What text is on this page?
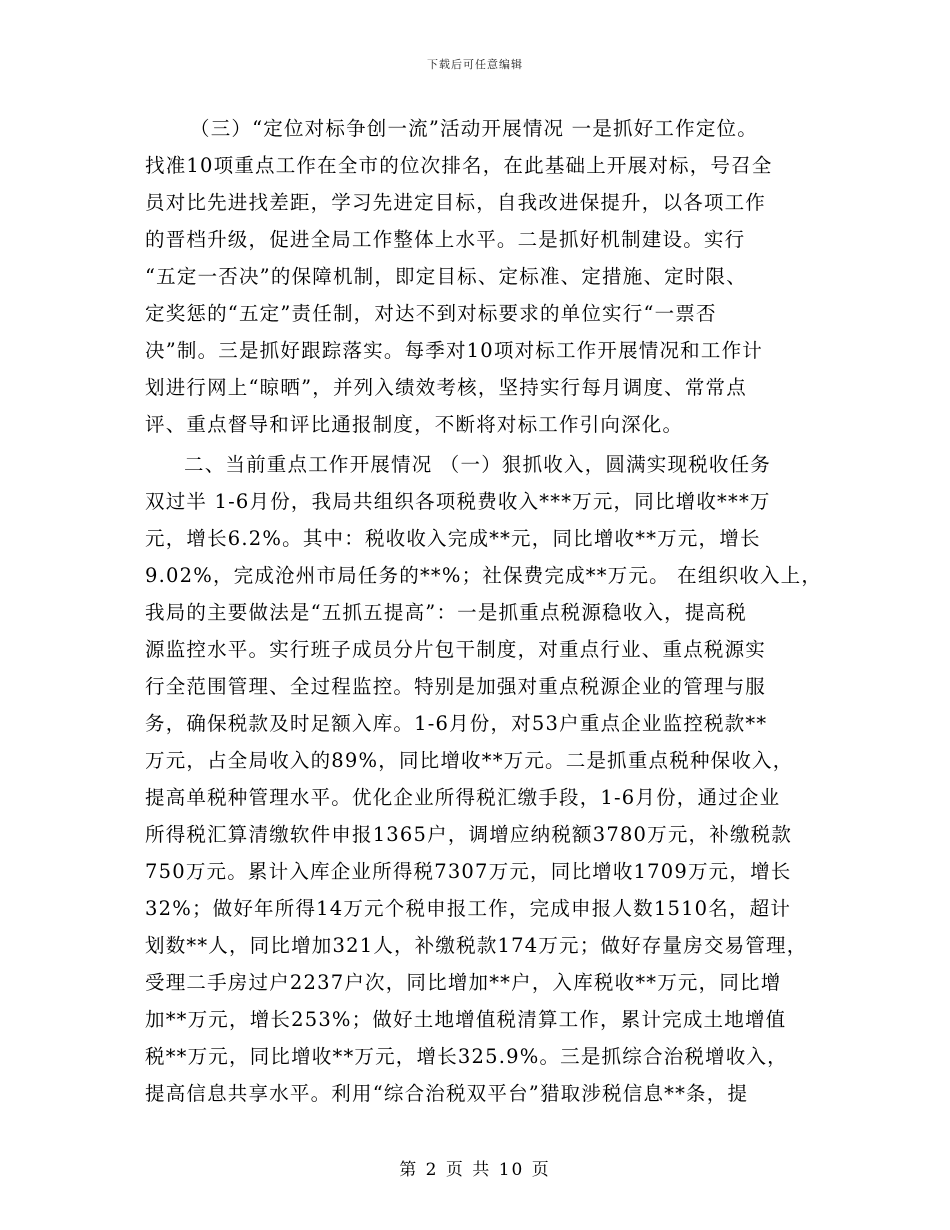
下载后可任意编辑
（三）“定位对标争创一流”活动开展情况 一是抓好工作定位。
找准10项重点工作在全市的位次排名，在此基础上开展对标，号召全
员对比先进找差距，学习先进定目标，自我改进保提升，以各项工作
的晋档升级，促进全局工作整体上水平。二是抓好机制建设。实行
“五定一否决”的保障机制，即定目标、定标准、定措施、定时限、
定奖惩的“五定”责任制，对达不到对标要求的单位实行“一票否
决”制。三是抓好跟踪落实。每季对10项对标工作开展情况和工作计
划进行网上“晾晒”，并列入绩效考核，坚持实行每月调度、常常点
评、重点督导和评比通报制度，不断将对标工作引向深化。
二、当前重点工作开展情况 （一）狠抓收入，圆满实现税收任务
双过半 1-6月份，我局共组织各项税费收入***万元，同比增收***万
元，增长6.2%。其中：税收收入完成**元，同比增收**万元，增长
9.02%，完成沧州市局任务的**%；社保费完成**万元。 在组织收入上，
我局的主要做法是“五抓五提高”：一是抓重点税源稳收入，提高税
源监控水平。实行班子成员分片包干制度，对重点行业、重点税源实
行全范围管理、全过程监控。特别是加强对重点税源企业的管理与服
务，确保税款及时足额入库。1-6月份，对53户重点企业监控税款**
万元，占全局收入的89%，同比增收**万元。二是抓重点税种保收入，
提高单税种管理水平。优化企业所得税汇缴手段，1-6月份，通过企业
所得税汇算清缴软件申报1365户，调增应纳税额3780万元，补缴税款
750万元。累计入库企业所得税7307万元，同比增收1709万元，增长
32%；做好年所得14万元个税申报工作，完成申报人数1510名，超计
划数**人，同比增加321人，补缴税款174万元；做好存量房交易管理，
受理二手房过户2237户次，同比增加**户，入库税收**万元，同比增
加**万元，增长253%；做好土地增值税清算工作，累计完成土地增值
税**万元，同比增收**万元，增长325.9%。三是抓综合治税增收入，
提高信息共享水平。利用“综合治税双平台”猎取涉税信息**条，提
第 2 页 共 10 页
